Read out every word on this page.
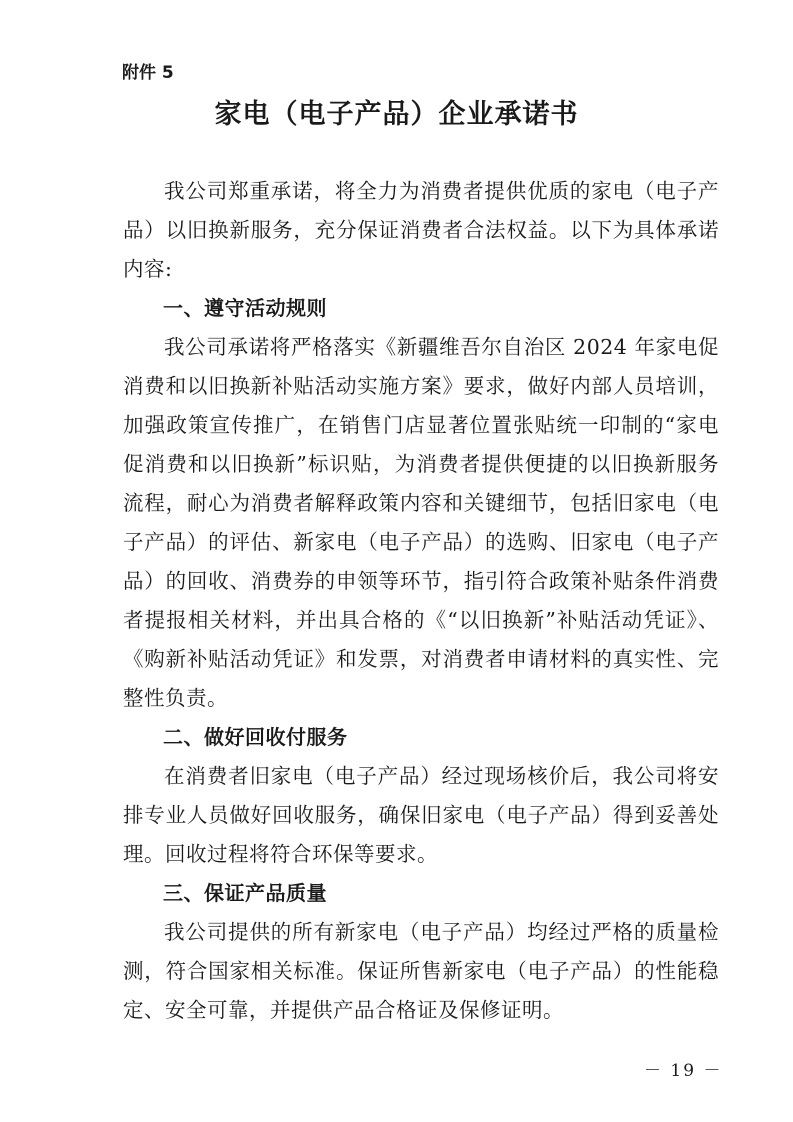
附件 5
家电（电子产品）企业承诺书

我公司郑重承诺，将全力为消费者提供优质的家电（电子产品）以旧换新服务，充分保证消费者合法权益。以下为具体承诺内容:

一、遵守活动规则

我公司承诺将严格落实《新疆维吾尔自治区 2024 年家电促消费和以旧换新补贴活动实施方案》要求，做好内部人员培训，加强政策宣传推广，在销售门店显著位置张贴统一印制的“家电促消费和以旧换新”标识贴，为消费者提供便捷的以旧换新服务流程，耐心为消费者解释政策内容和关键细节，包括旧家电（电子产品）的评估、新家电（电子产品）的选购、旧家电（电子产品）的回收、消费券的申领等环节，指引符合政策补贴条件消费者提报相关材料，并出具合格的《“以旧换新”补贴活动凭证》、《购新补贴活动凭证》和发票，对消费者申请材料的真实性、完整性负责。

二、做好回收付服务

在消费者旧家电（电子产品）经过现场核价后，我公司将安排专业人员做好回收服务，确保旧家电（电子产品）得到妥善处理。回收过程将符合环保等要求。

三、保证产品质量

我公司提供的所有新家电（电子产品）均经过严格的质量检测，符合国家相关标准。保证所售新家电（电子产品）的性能稳定、安全可靠，并提供产品合格证及保修证明。

－ 19 －
